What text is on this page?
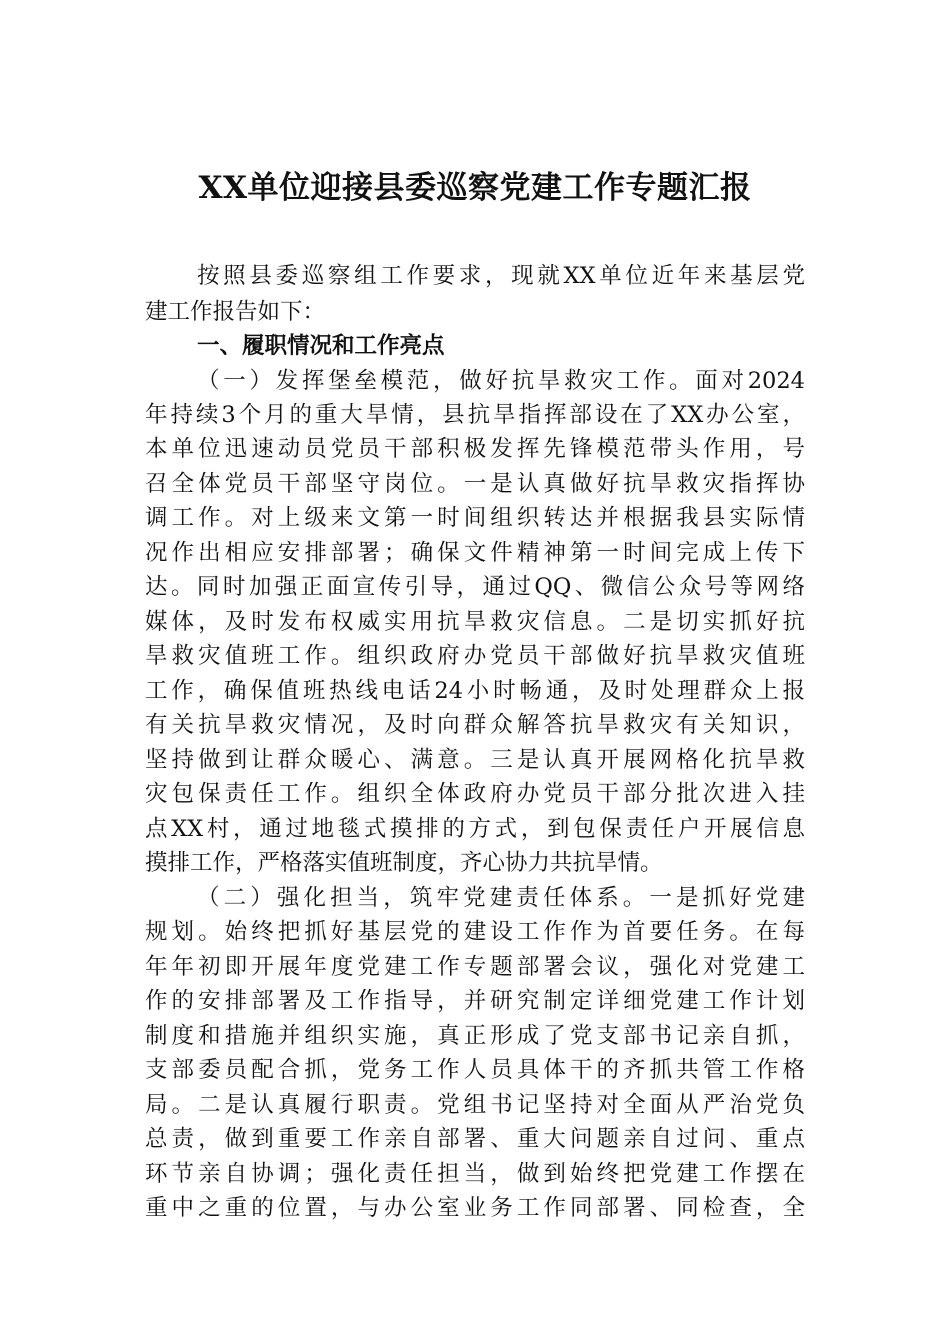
XX单位迎接县委巡察党建工作专题汇报

按照县委巡察组工作要求，现就XX单位近年来基层党

建工作报告如下：

一、履职情况和工作亮点

（一）发挥堡垒模范，做好抗旱救灾工作。面对2024

年持续3个月的重大旱情，县抗旱指挥部设在了XX办公室，

本单位迅速动员党员干部积极发挥先锋模范带头作用，号

召全体党员干部坚守岗位。一是认真做好抗旱救灾指挥协

调工作。对上级来文第一时间组织转达并根据我县实际情

况作出相应安排部署；确保文件精神第一时间完成上传下

达。同时加强正面宣传引导，通过QQ、微信公众号等网络

媒体，及时发布权威实用抗旱救灾信息。二是切实抓好抗

旱救灾值班工作。组织政府办党员干部做好抗旱救灾值班

工作，确保值班热线电话24小时畅通，及时处理群众上报

有关抗旱救灾情况，及时向群众解答抗旱救灾有关知识，

坚持做到让群众暖心、满意。三是认真开展网格化抗旱救

灾包保责任工作。组织全体政府办党员干部分批次进入挂

点XX村，通过地毯式摸排的方式，到包保责任户开展信息

摸排工作，严格落实值班制度，齐心协力共抗旱情。

（二）强化担当，筑牢党建责任体系。一是抓好党建

规划。始终把抓好基层党的建设工作作为首要任务。在每

年年初即开展年度党建工作专题部署会议，强化对党建工

作的安排部署及工作指导，并研究制定详细党建工作计划

制度和措施并组织实施，真正形成了党支部书记亲自抓，

支部委员配合抓，党务工作人员具体干的齐抓共管工作格

局。二是认真履行职责。党组书记坚持对全面从严治党负

总责，做到重要工作亲自部署、重大问题亲自过问、重点

环节亲自协调；强化责任担当，做到始终把党建工作摆在

重中之重的位置，与办公室业务工作同部署、同检查，全
